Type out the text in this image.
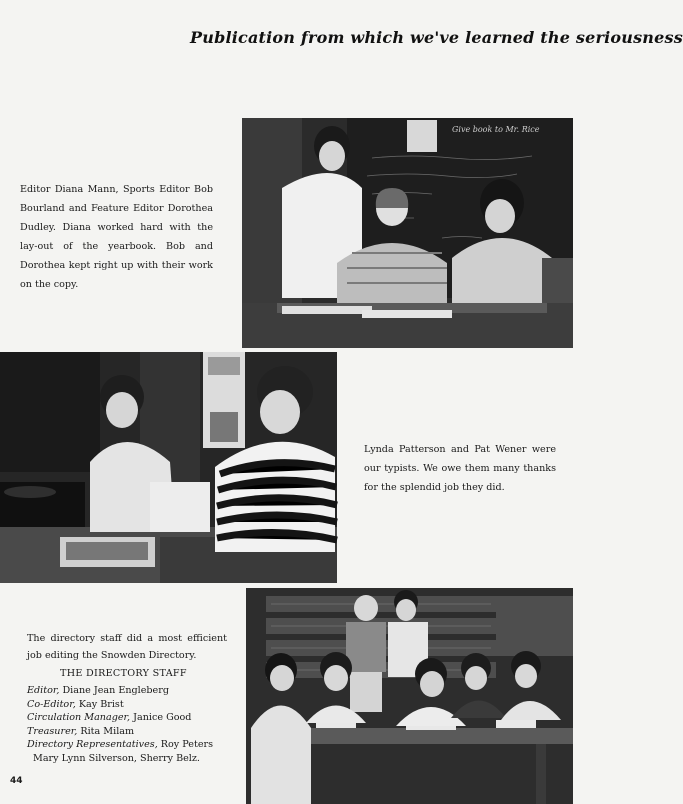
Publication from which we've learned the seriousness
Give book to Mr. Rice
Editor Diana Mann, Sports Editor Bob Bourland and Feature Editor Dorothea Dudley. Diana worked hard with the lay-out of the yearbook. Bob and Dorothea kept right up with their work on the copy.
Lynda Patterson and Pat Wener were our typists. We owe them many thanks for the splendid job they did.
The directory staff did a most efficient job editing the Snowden Directory.
THE DIRECTORY STAFF
Editor, Diane Jean Engleberg
Co-Editor, Kay Brist
Circulation Manager, Janice Good
Treasurer, Rita Milam
Directory Representatives, Roy Peters
Mary Lynn Silverson, Sherry Belz.
44
